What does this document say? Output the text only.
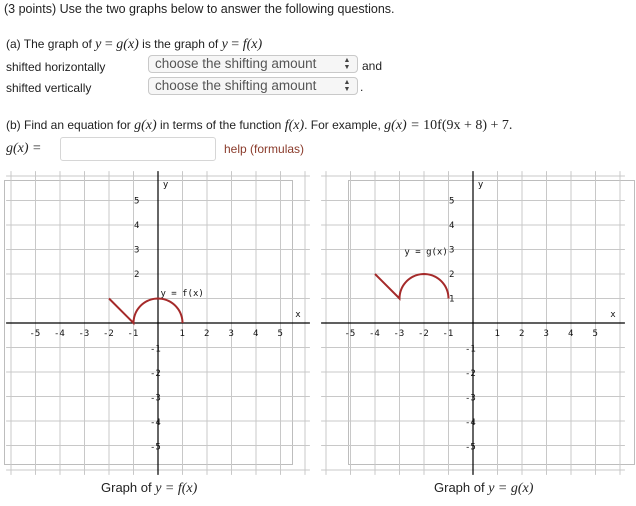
(3 points) Use the two graphs below to answer the following questions.
(a) The graph of y = g(x) is the graph of y = f(x)
shifted horizontally	choose the shifting amount	▲
▼ and
shifted vertically	choose the shifting amount	▲
▼ .
(b) Find an equation for g(x) in terms of the function f(x). For example, g(x) = 10f(9x + 8) + 7.
g(x) =	help (formulas)
x
y
-5 -4 -3 -2 -1	1 2 3 4 5
5
4
3
2
-1
-2
-3
-4
-5
y = f(x)
Graph of y = f(x)
x
y
-5 -4 -3 -2 -1	1 2 3 4 5
5
4
3
2
1
-1
-2
-3
-4
-5
y = g(x)
Graph of y = g(x)
